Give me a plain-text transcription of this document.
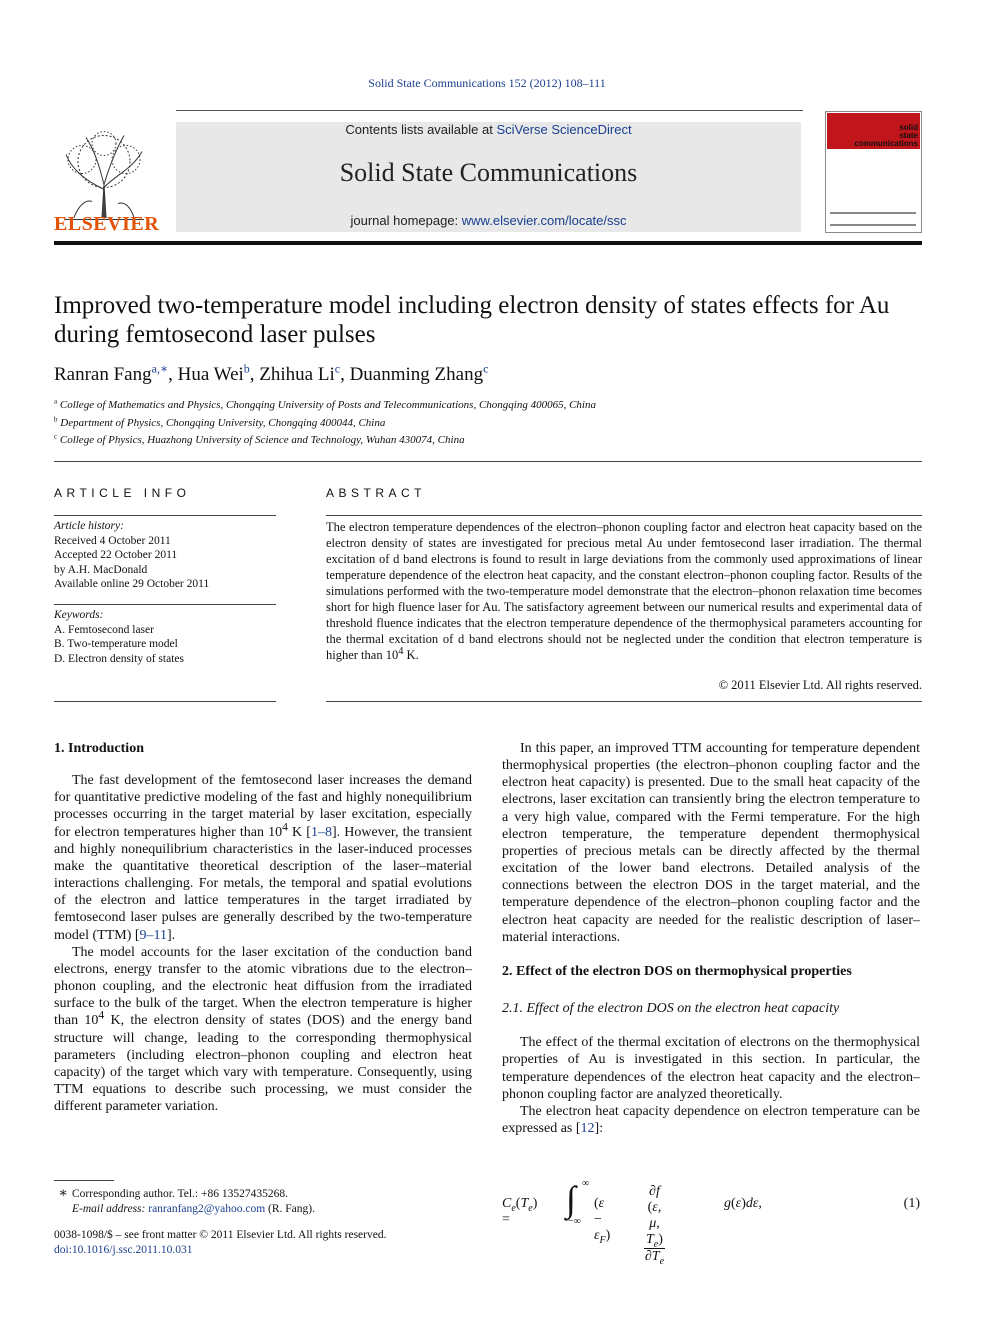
Solid State Communications 152 (2012) 108–111
ELSEVIER
Contents lists available at SciVerse ScienceDirect
Solid State Communications
journal homepage: www.elsevier.com/locate/ssc
solid
state
communications
Improved two-temperature model including electron density of states effects for Au during femtosecond laser pulses
Ranran Fang$^{a,∗}$, Hua Wei$^b$, Zhihua Li$^c$, Duanming Zhang$^c$
$^a$ College of Mathematics and Physics, Chongqing University of Posts and Telecommunications, Chongqing 400065, China
$^b$ Department of Physics, Chongqing University, Chongqing 400044, China
$^c$ College of Physics, Huazhong University of Science and Technology, Wuhan 430074, China
ARTICLE INFO
Article history:
Received 4 October 2011
Accepted 22 October 2011
by A.H. MacDonald
Available online 29 October 2011
Keywords:
A. Femtosecond laser
B. Two-temperature model
D. Electron density of states
ABSTRACT
The electron temperature dependences of the electron–phonon coupling factor and electron heat capacity based on the electron density of states are investigated for precious metal Au under femtosecond laser irradiation. The thermal excitation of d band electrons is found to result in large deviations from the commonly used approximations of linear temperature dependence of the electron heat capacity, and the constant electron–phonon coupling factor. Results of the simulations performed with the two-temperature model demonstrate that the electron–phonon relaxation time becomes short for high fluence laser for Au. The satisfactory agreement between our numerical results and experimental data of threshold fluence indicates that the electron temperature dependence of the thermophysical parameters accounting for the thermal excitation of d band electrons should not be neglected under the condition that electron temperature is higher than $10^4$ K.
© 2011 Elsevier Ltd. All rights reserved.
1. Introduction

The fast development of the femtosecond laser increases the demand for quantitative predictive modeling of the fast and highly nonequilibrium processes occurring in the target material by laser excitation, especially for electron temperatures higher than $10^4$ K [1–8]. However, the transient and highly nonequilibrium characteristics in the laser-induced processes make the quantitative theoretical description of the laser–material interactions challenging. For metals, the temporal and spatial evolutions of the electron and lattice temperatures in the target irradiated by femtosecond laser pulses are generally described by the two-temperature model (TTM) [9–11].

The model accounts for the laser excitation of the conduction band electrons, energy transfer to the atomic vibrations due to the electron–phonon coupling, and the electronic heat diffusion from the irradiated surface to the bulk of the target. When the electron temperature is higher than $10^4$ K, the electron density of states (DOS) and the energy band structure will change, leading to the corresponding thermophysical parameters (including electron–phonon coupling and electron heat capacity) of the target which vary with temperature. Consequently, using TTM equations to describe such processing, we must consider the different parameter variation.

In this paper, an improved TTM accounting for temperature dependent thermophysical properties (the electron–phonon coupling factor and the electron heat capacity) is presented. Due to the small heat capacity of the electrons, laser excitation can transiently bring the electron temperature to a very high value, compared with the Fermi temperature. For the high electron temperature, the temperature dependent thermophysical properties of precious metals can be directly affected by the thermal excitation of the lower band electrons. Detailed analysis of the connections between the electron DOS in the target material, and the temperature dependence of the electron–phonon coupling factor and the electron heat capacity are needed for the realistic description of laser–material interactions.

2. Effect of the electron DOS on thermophysical properties
2.1. Effect of the electron DOS on the electron heat capacity

The effect of the thermal excitation of electrons on the thermophysical properties of Au is investigated in this section. In particular, the temperature dependences of the electron heat capacity and the electron–phonon coupling factor are analyzed theoretically.

The electron heat capacity dependence on electron temperature can be expressed as [12]:

$C_e(T_e)$ =
∫ ∞
−∞
$(\varepsilon - \varepsilon_F) \frac{\partial f (\varepsilon, \mu, T_e)}{\partial T_e}$	g(ε)dε,	(1)
∗ Corresponding author. Tel.: +86 13527435268.
E-mail address: ranranfang2@yahoo.com (R. Fang).
0038-1098/$ – see front matter © 2011 Elsevier Ltd. All rights reserved.
doi:10.1016/j.ssc.2011.10.031
